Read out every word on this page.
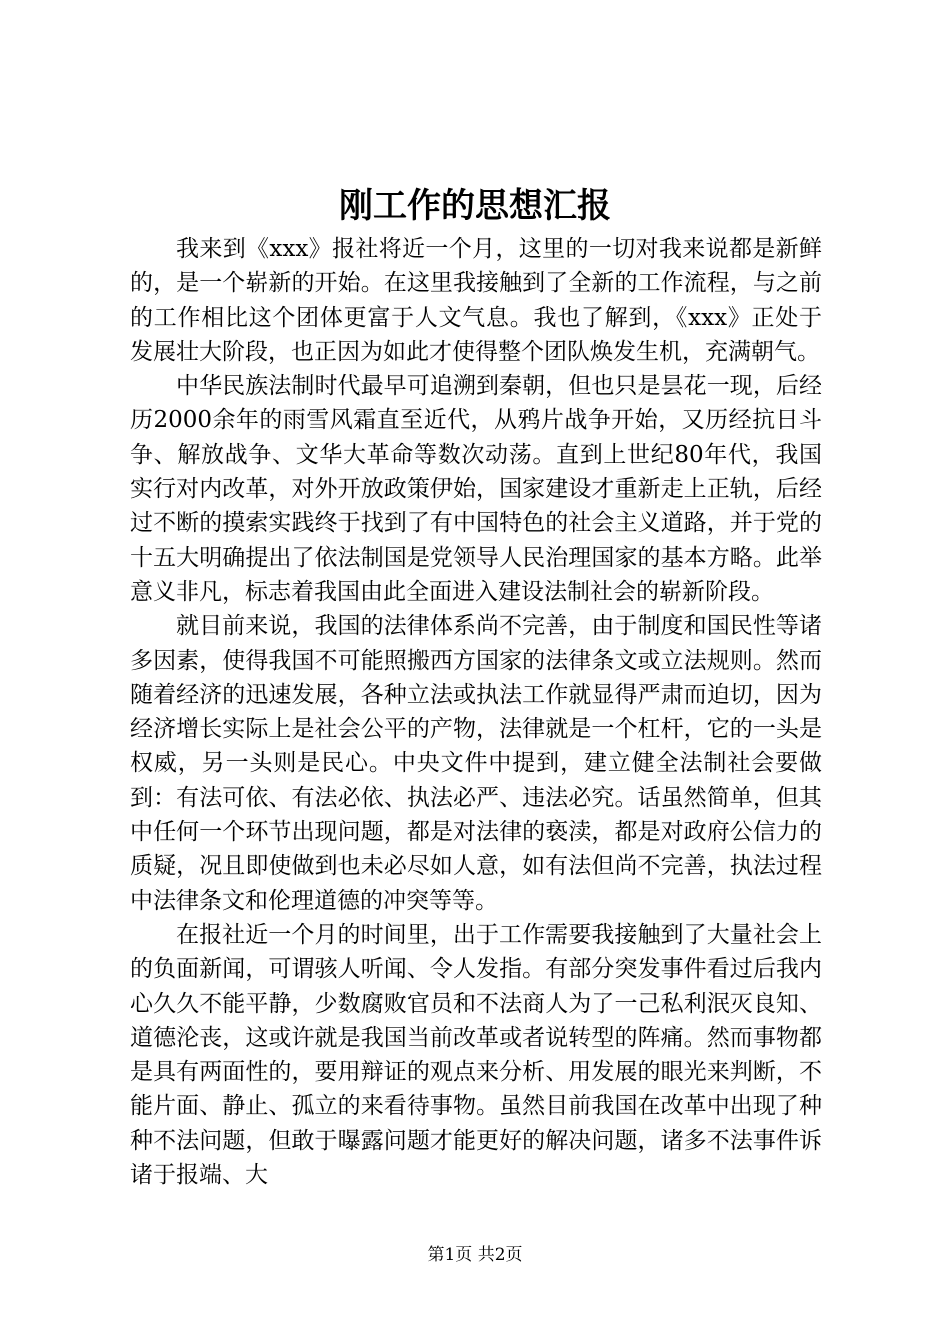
刚工作的思想汇报

我来到《xxx》报社将近一个月，这里的一切对我来说都是新鲜的，是一个崭新的开始。在这里我接触到了全新的工作流程，与之前的工作相比这个团体更富于人文气息。我也了解到，《xxx》正处于发展壮大阶段，也正因为如此才使得整个团队焕发生机，充满朝气。

中华民族法制时代最早可追溯到秦朝，但也只是昙花一现，后经历2000余年的雨雪风霜直至近代，从鸦片战争开始，又历经抗日斗争、解放战争、文华大革命等数次动荡。直到上世纪80年代，我国实行对内改革，对外开放政策伊始，国家建设才重新走上正轨，后经过不断的摸索实践终于找到了有中国特色的社会主义道路，并于党的十五大明确提出了依法制国是党领导人民治理国家的基本方略。此举意义非凡，标志着我国由此全面进入建设法制社会的崭新阶段。

就目前来说，我国的法律体系尚不完善，由于制度和国民性等诸多因素，使得我国不可能照搬西方国家的法律条文或立法规则。然而随着经济的迅速发展，各种立法或执法工作就显得严肃而迫切，因为经济增长实际上是社会公平的产物，法律就是一个杠杆，它的一头是权威，另一头则是民心。中央文件中提到，建立健全法制社会要做到：有法可依、有法必依、执法必严、违法必究。话虽然简单，但其中任何一个环节出现问题，都是对法律的亵渎，都是对政府公信力的质疑，况且即使做到也未必尽如人意，如有法但尚不完善，执法过程中法律条文和伦理道德的冲突等等。

在报社近一个月的时间里，出于工作需要我接触到了大量社会上的负面新闻，可谓骇人听闻、令人发指。有部分突发事件看过后我内心久久不能平静，少数腐败官员和不法商人为了一己私利泯灭良知、道德沦丧，这或许就是我国当前改革或者说转型的阵痛。然而事物都是具有两面性的，要用辩证的观点来分析、用发展的眼光来判断，不能片面、静止、孤立的来看待事物。虽然目前我国在改革中出现了种种不法问题，但敢于曝露问题才能更好的解决问题，诸多不法事件诉诸于报端、大

第1页 共2页
